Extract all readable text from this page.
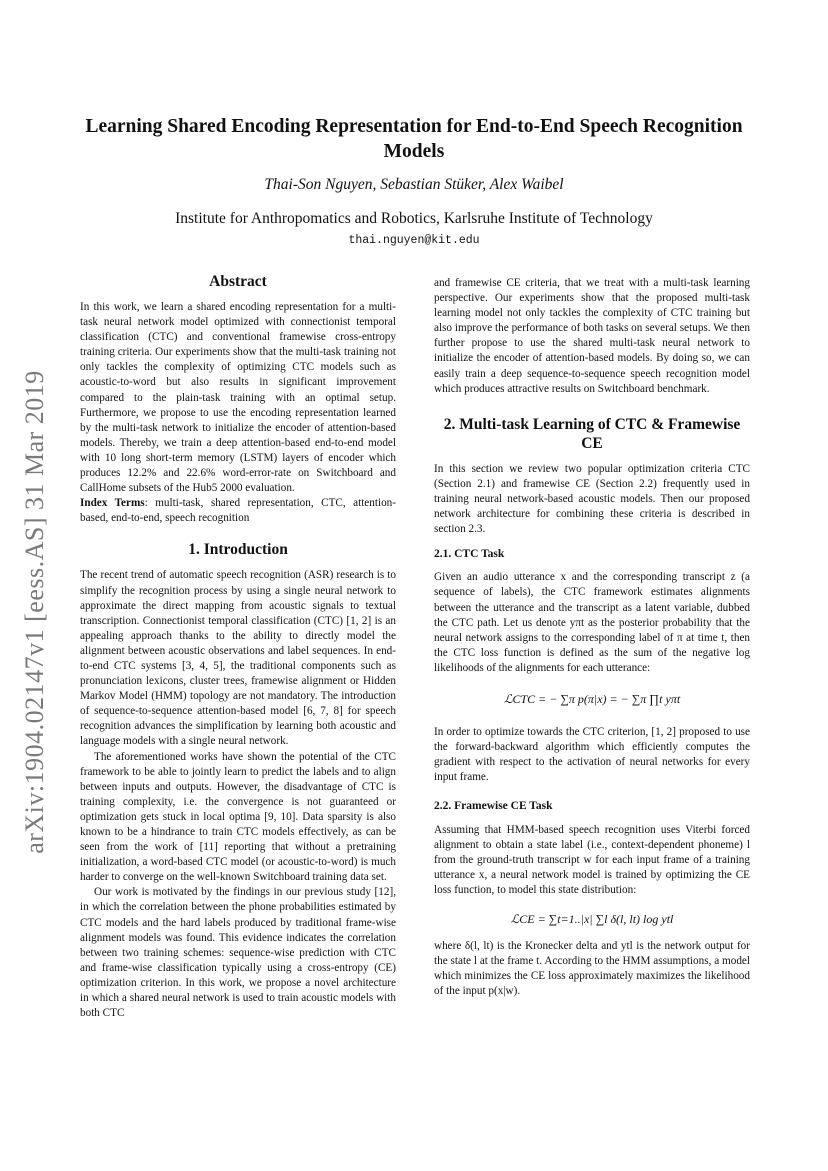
arXiv:1904.02147v1 [eess.AS] 31 Mar 2019
Learning Shared Encoding Representation for End-to-End Speech Recognition Models
Thai-Son Nguyen, Sebastian Stüker, Alex Waibel
Institute for Anthropomatics and Robotics, Karlsruhe Institute of Technology
thai.nguyen@kit.edu
Abstract

In this work, we learn a shared encoding representation for a multi-task neural network model optimized with connectionist temporal classification (CTC) and conventional framewise cross-entropy training criteria. Our experiments show that the multi-task training not only tackles the complexity of optimizing CTC models such as acoustic-to-word but also results in significant improvement compared to the plain-task training with an optimal setup. Furthermore, we propose to use the encoding representation learned by the multi-task network to initialize the encoder of attention-based models. Thereby, we train a deep attention-based end-to-end model with 10 long short-term memory (LSTM) layers of encoder which produces 12.2% and 22.6% word-error-rate on Switchboard and CallHome subsets of the Hub5 2000 evaluation.

Index Terms: multi-task, shared representation, CTC, attention-based, end-to-end, speech recognition

1. Introduction

The recent trend of automatic speech recognition (ASR) research is to simplify the recognition process by using a single neural network to approximate the direct mapping from acoustic signals to textual transcription. Connectionist temporal classification (CTC) [1, 2] is an appealing approach thanks to the ability to directly model the alignment between acoustic observations and label sequences. In end-to-end CTC systems [3, 4, 5], the traditional components such as pronunciation lexicons, cluster trees, framewise alignment or Hidden Markov Model (HMM) topology are not mandatory. The introduction of sequence-to-sequence attention-based model [6, 7, 8] for speech recognition advances the simplification by learning both acoustic and language models with a single neural network.

The aforementioned works have shown the potential of the CTC framework to be able to jointly learn to predict the labels and to align between inputs and outputs. However, the disadvantage of CTC is training complexity, i.e. the convergence is not guaranteed or optimization gets stuck in local optima [9, 10]. Data sparsity is also known to be a hindrance to train CTC models effectively, as can be seen from the work of [11] reporting that without a pretraining initialization, a word-based CTC model (or acoustic-to-word) is much harder to converge on the well-known Switchboard training data set.

Our work is motivated by the findings in our previous study [12], in which the correlation between the phone probabilities estimated by CTC models and the hard labels produced by traditional frame-wise alignment models was found. This evidence indicates the correlation between two training schemes: sequence-wise prediction with CTC and frame-wise classification typically using a cross-entropy (CE) optimization criterion. In this work, we propose a novel architecture in which a shared neural network is used to train acoustic models with both CTC

and framewise CE criteria, that we treat with a multi-task learning perspective. Our experiments show that the proposed multi-task learning model not only tackles the complexity of CTC training but also improve the performance of both tasks on several setups. We then further propose to use the shared multi-task neural network to initialize the encoder of attention-based models. By doing so, we can easily train a deep sequence-to-sequence speech recognition model which produces attractive results on Switchboard benchmark.

2. Multi-task Learning of CTC & Framewise CE

In this section we review two popular optimization criteria CTC (Section 2.1) and framewise CE (Section 2.2) frequently used in training neural network-based acoustic models. Then our proposed network architecture for combining these criteria is described in section 2.3.

2.1. CTC Task

Given an audio utterance x and the corresponding transcript z (a sequence of labels), the CTC framework estimates alignments between the utterance and the transcript as a latent variable, dubbed the CTC path. Let us denote yπt as the posterior probability that the neural network assigns to the corresponding label of π at time t, then the CTC loss function is defined as the sum of the negative log likelihoods of the alignments for each utterance:

ℒCTC = − ∑π p(π|x) = − ∑π ∏t yπt

In order to optimize towards the CTC criterion, [1, 2] proposed to use the forward-backward algorithm which efficiently computes the gradient with respect to the activation of neural networks for every input frame.

2.2. Framewise CE Task

Assuming that HMM-based speech recognition uses Viterbi forced alignment to obtain a state label (i.e., context-dependent phoneme) l from the ground-truth transcript w for each input frame of a training utterance x, a neural network model is trained by optimizing the CE loss function, to model this state distribution:

ℒCE = ∑t=1..|x| ∑l δ(l, lt) log ytl

where δ(l, lt) is the Kronecker delta and ytl is the network output for the state l at the frame t. According to the HMM assumptions, a model which minimizes the CE loss approximately maximizes the likelihood of the input p(x|w).
